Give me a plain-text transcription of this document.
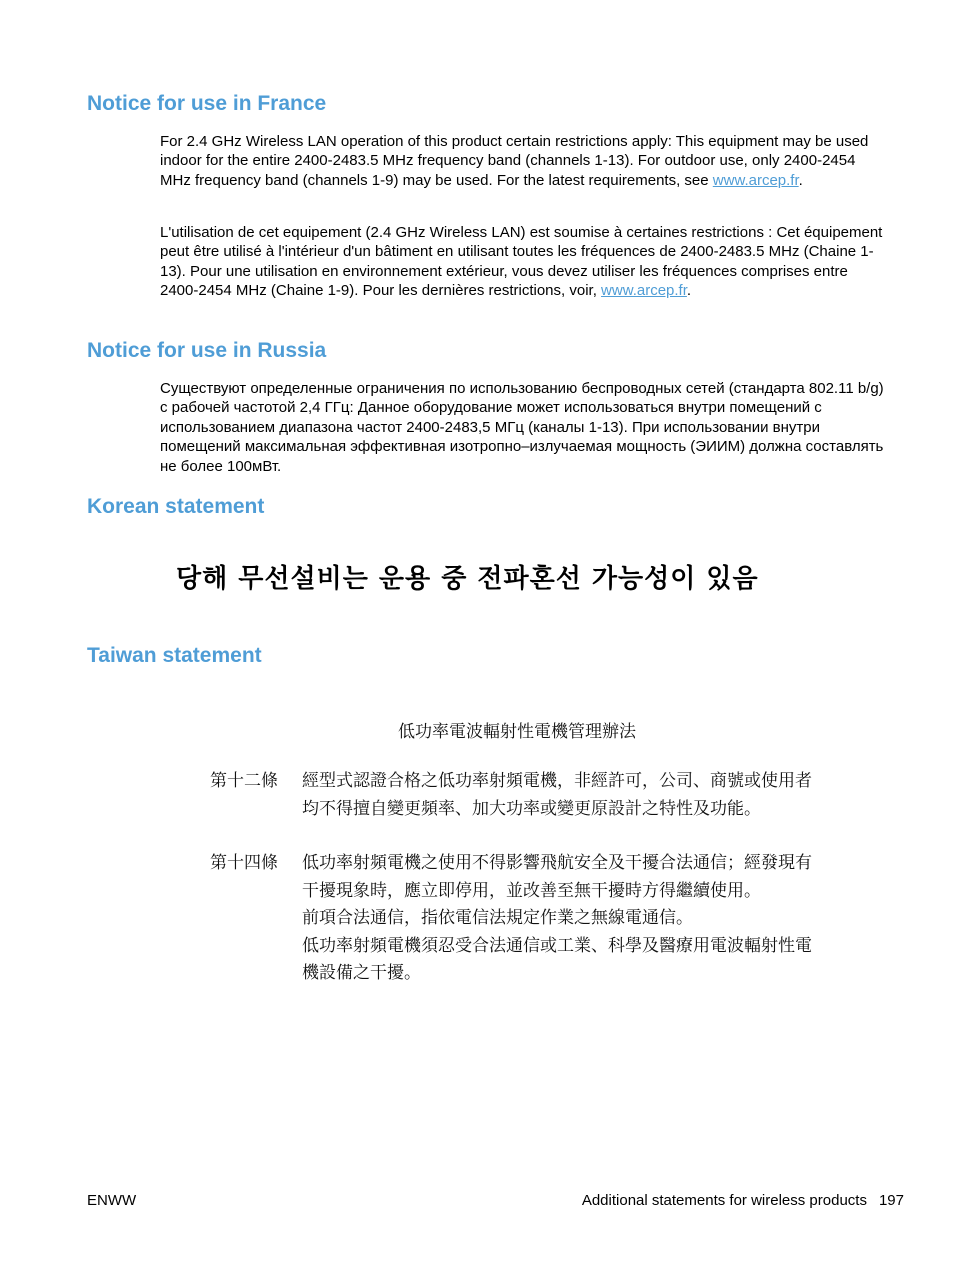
Notice for use in France

For 2.4 GHz Wireless LAN operation of this product certain restrictions apply: This equipment may be used indoor for the entire 2400-2483.5 MHz frequency band (channels 1-13). For outdoor use, only 2400-2454 MHz frequency band (channels 1-9) may be used. For the latest requirements, see www.arcep.fr.

L'utilisation de cet equipement (2.4 GHz Wireless LAN) est soumise à certaines restrictions : Cet équipement peut être utilisé à l'intérieur d'un bâtiment en utilisant toutes les fréquences de 2400-2483.5 MHz (Chaine 1-13). Pour une utilisation en environnement extérieur, vous devez utiliser les fréquences comprises entre 2400-2454 MHz (Chaine 1-9). Pour les dernières restrictions, voir, www.arcep.fr.

Notice for use in Russia

Существуют определенные ограничения по использованию беспроводных сетей (стандарта 802.11 b/g) с рабочей частотой 2,4 ГГц: Данное оборудование может использоваться внутри помещений с использованием диапазона частот 2400-2483,5 МГц (каналы 1-13). При использовании внутри помещений максимальная эффективная изотропно–излучаемая мощность (ЭИИМ) должна составлять не более 100мВт.

Korean statement

당해 무선설비는 운용 중 전파혼선 가능성이 있음

Taiwan statement
低功率電波輻射性電機管理辦法
第十二條 經型式認證合格之低功率射頻電機，非經許可，公司、商號或使用者
均不得擅自變更頻率、加大功率或變更原設計之特性及功能。
第十四條 低功率射頻電機之使用不得影響飛航安全及干擾合法通信；經發現有
干擾現象時，應立即停用，並改善至無干擾時方得繼續使用。
前項合法通信，指依電信法規定作業之無線電通信。
低功率射頻電機須忍受合法通信或工業、科學及醫療用電波輻射性電
機設備之干擾。
ENWW	Additional statements for wireless products 197
